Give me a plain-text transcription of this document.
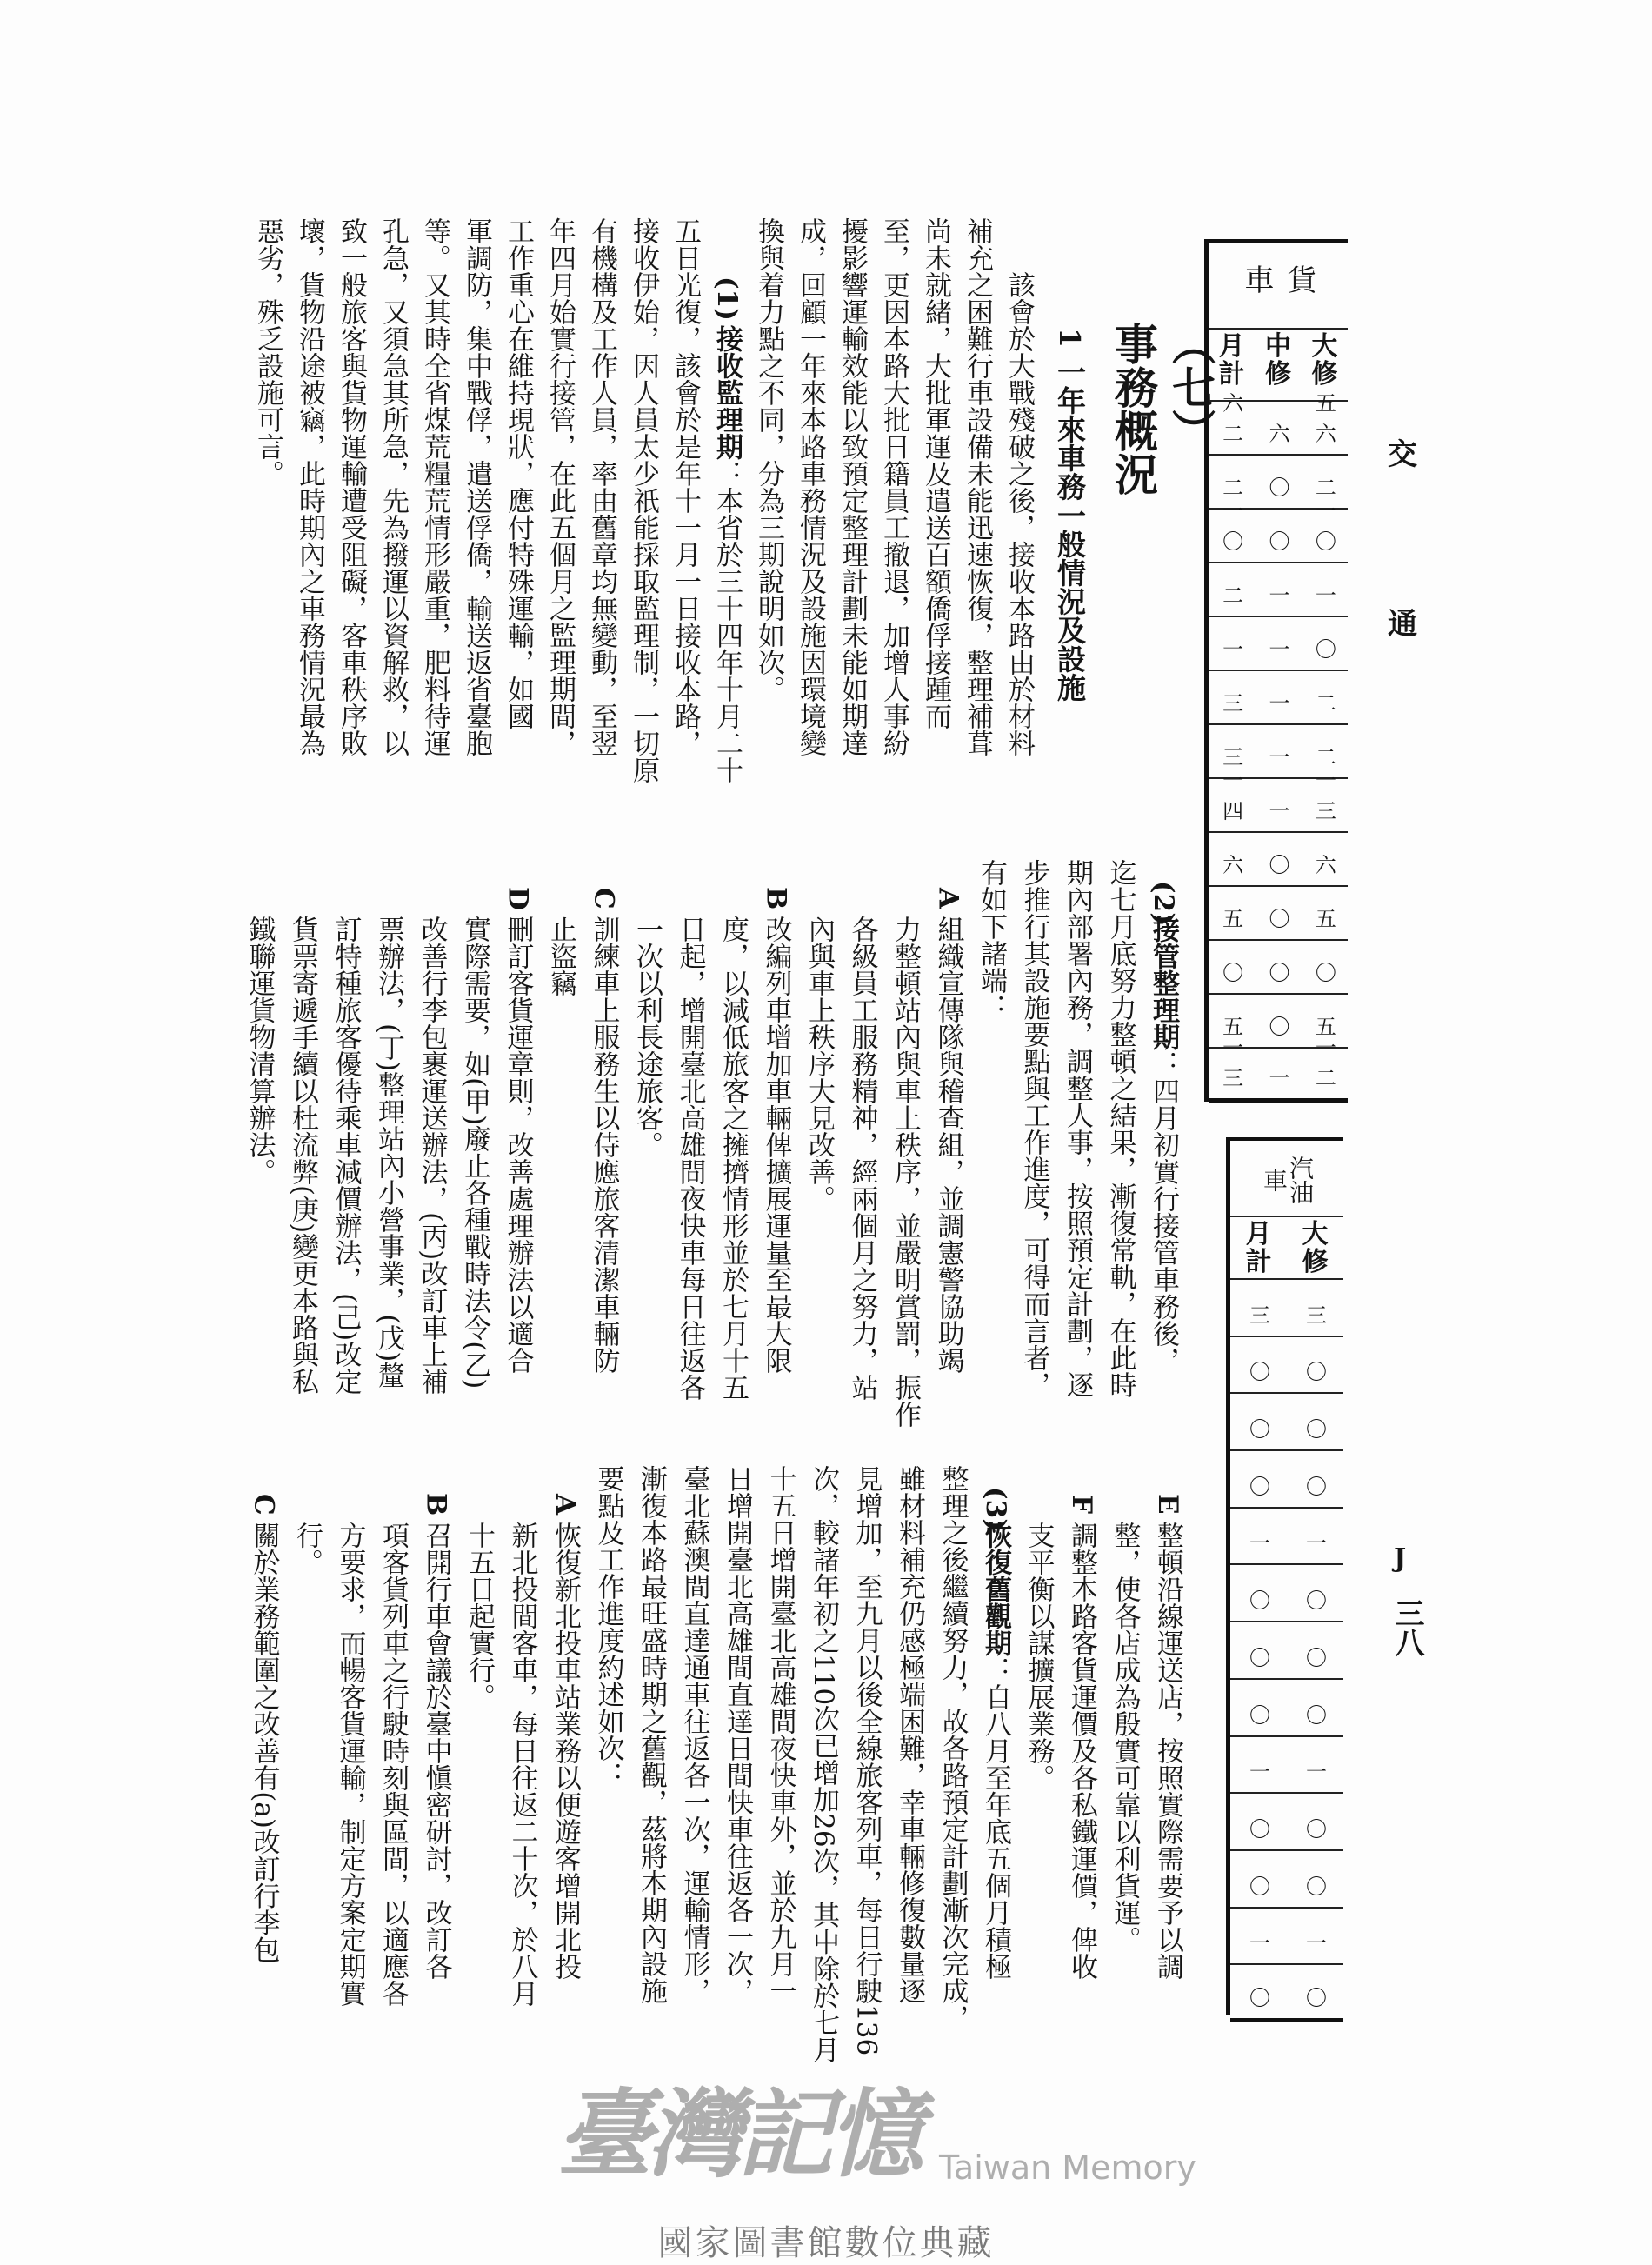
（七）
事務概況
1一年來車務一般情況及設施
該會於大戰殘破之後，接收本路由於材料
補充之困難行車設備未能迅速恢復，整理補葺
尚未就緒，大批軍運及遣送百額僑俘接踵而
至，更因本路大批日籍員工撤退，加增人事紛
擾影響運輸效能以致預定整理計劃未能如期達
成，回顧一年來本路車務情況及設施因環境變
換與着力點之不同，分為三期說明如次。
(1)接收監理期：本省於三十四年十月二十
五日光復，該會於是年十一月一日接收本路，
接收伊始，因人員太少祇能採取監理制，一切原
有機構及工作人員，率由舊章均無變動，至翌
年四月始實行接管，在此五個月之監理期間，
工作重心在維持現狀，應付特殊運輸，如國
軍調防，集中戰俘，遣送俘僑，輸送返省臺胞
等。又其時全省煤荒糧荒情形嚴重，肥料待運
孔急，又須急其所急，先為撥運以資解救，以
致一般旅客與貨物運輸遭受阻礙，客車秩序敗
壞，貨物沿途被竊，此時期內之車務情況最為
惡劣，殊乏設施可言。
(2)接管整理期：四月初實行接管車務後，
迄七月底努力整頓之結果，漸復常軌，在此時
期內部署內務，調整人事，按照預定計劃，逐
步推行其設施要點與工作進度，可得而言者，
有如下諸端：
A組織宣傳隊與稽查組，並調憲警協助竭
力整頓站內與車上秩序，並嚴明賞罰，振作
各級員工服務精神，經兩個月之努力，站
內與車上秩序大見改善。
B改編列車增加車輛俾擴展運量至最大限
度，以減低旅客之擁擠情形並於七月十五
日起，增開臺北高雄間夜快車每日往返各
一次以利長途旅客。
C訓練車上服務生以侍應旅客清潔車輛防
止盜竊
D刪訂客貨運章則，改善處理辦法以適合
實際需要，如(甲)廢止各種戰時法令(乙)
改善行李包裹運送辦法，(丙)改訂車上補
票辦法，(丁)整理站內小營事業，(戊)釐
訂特種旅客優待乘車減價辦法，(己)改定
貨票寄遞手續以杜流弊(庚)變更本路與私
鐵聯運貨物清算辦法。
E整頓沿線運送店，按照實際需要予以調
整，使各店成為殷實可靠以利貨運。
F調整本路客貨運價及各私鐵運價，俾收
支平衡以謀擴展業務。
(3)恢復舊觀期：自八月至年底五個月積極
整理之後繼續努力，故各路預定計劃漸次完成，
雖材料補充仍感極端困難，幸車輛修復數量逐
見增加，至九月以後全線旅客列車，每日行駛136
次，較諸年初之110次已增加26次，其中除於七月
十五日增開臺北高雄間夜快車外，並於九月一
日增開臺北高雄間直達日間快車往返各一次，
臺北蘇澳間直達通車往返各一次，運輸情形，
漸復本路最旺盛時期之舊觀，茲將本期內設施
要點及工作進度約述如次：
A恢復新北投車站業務以便遊客增開北投
新北投間客車，每日往返二十次，於八月
十五日起實行。
B召開行車會議於臺中愼密研討，改訂各
項客貨列車之行駛時刻與區間，以適應各
方要求，而暢客貨運輸，制定方案定期實
行。
C關於業務範圍之改善有(a)改訂行李包
貨車
大修
中修
月計
五六
六
六二
二
〇
二
一〇
〇
一〇
一
一
二
〇
一
一
二
一
三
二
一
三
一三
一
一四
六
〇
六
五
〇
五
〇
〇
〇
五
〇
五
一二
一
一三
汽油車
大修
月計
三
三
〇
〇
〇
〇
〇
〇
一
一
〇
〇
〇
〇
〇
〇
一
一
〇
〇
〇
〇
一
一
〇
〇
交
通
J
三八
臺灣記憶 Taiwan Memory
國家圖書館數位典藏
